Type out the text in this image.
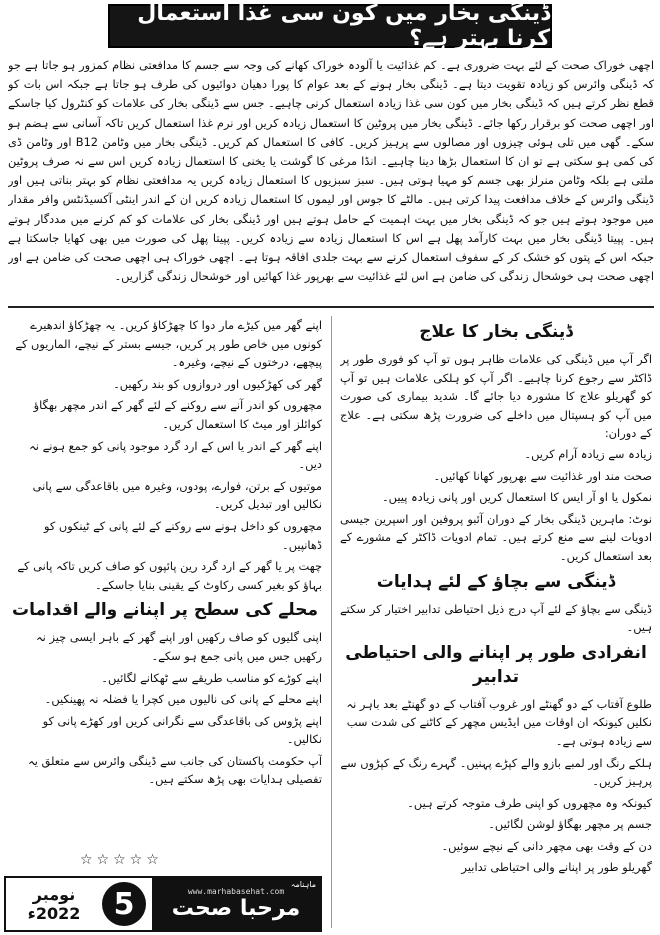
ڈینگی بخار میں کون سی غذا استعمال کرنا بہتر ہے؟

اچھی خوراک صحت کے لئے بہت ضروری ہے۔ کم غذائیت یا آلودہ خوراک کھانے کی وجہ سے جسم کا مدافعتی نظام کمزور ہو جاتا ہے جو کہ ڈینگی وائرس کو زیادہ تقویت دیتا ہے۔ ڈینگی بخار ہونے کے بعد عوام کا پورا دھیان دوائیوں کی طرف ہو جاتا ہے جبکہ اس بات کو قطع نظر کرتے ہیں کہ ڈینگی بخار میں کون سی غذا زیادہ استعمال کرنی چاہیے۔ جس سے ڈینگی بخار کی علامات کو کنٹرول کیا جاسکے اور اچھی صحت کو برقرار رکھا جائے۔ ڈینگی بخار میں پروٹین کا استعمال زیادہ کریں اور نرم غذا استعمال کریں تاکہ آسانی سے ہضم ہو سکے۔ گھی میں تلی ہوئی چیزوں اور مصالوں سے پرہیز کریں۔ کافی کا استعمال کم کریں۔ ڈینگی بخار میں وٹامن B12 اور وٹامن ڈی کی کمی ہو سکتی ہے تو ان کا استعمال بڑھا دینا چاہیے۔ انڈا مرغی کا گوشت یا یخنی کا استعمال زیادہ کریں اس سے نہ صرف پروٹین ملتی ہے بلکہ وٹامن منرلز بھی جسم کو مہیا ہوتی ہیں۔ سبز سبزیوں کا استعمال زیادہ کریں یہ مدافعتی نظام کو بہتر بناتی ہیں اور ڈینگی وائرس کے خلاف مدافعت پیدا کرتی ہیں۔ مالٹے کا جوس اور لیموں کا استعمال زیادہ کریں ان کے اندر اینٹی آکسیڈنٹس وافر مقدار میں موجود ہوتے ہیں جو کہ ڈینگی بخار میں بہت اہمیت کے حامل ہوتے ہیں اور ڈینگی بخار کی علامات کو کم کرنے میں مددگار ہوتے ہیں۔ پپیتا ڈینگی بخار میں بہت کارآمد پھل ہے اس کا استعمال زیادہ سے زیادہ کریں۔ پپیتا پھل کی صورت میں بھی کھایا جاسکتا ہے جبکہ اس کے پتوں کو خشک کر کے سفوف استعمال کرنے سے بہت جلدی افاقہ ہوتا ہے۔ اچھی خوراک ہی اچھی صحت کی ضامن ہے اور اچھی صحت ہی خوشحال زندگی کی ضامن ہے اس لئے غذائیت سے بھرپور غذا کھائیں اور خوشحال زندگی گزاریں۔

ڈینگی بخار کا علاج

اگر آپ میں ڈینگی کی علامات ظاہر ہوں تو آپ کو فوری طور پر ڈاکٹر سے رجوع کرنا چاہیے۔ اگر آپ کو ہلکی علامات ہیں تو آپ کو گھریلو علاج کا مشورہ دیا جائے گا۔ شدید بیماری کی صورت میں آپ کو ہسپتال میں داخلے کی ضرورت پڑھ سکتی ہے۔ علاج کے دوران:

زیادہ سے زیادہ آرام کریں۔
صحت مند اور غذائیت سے بھرپور کھانا کھائیں۔
نمکول یا او آر ایس کا استعمال کریں اور پانی زیادہ پییں۔

نوٹ: ماہرین ڈینگی بخار کے دوران آئبو پروفین اور اسپرین جیسی ادویات لینے سے منع کرتے ہیں۔ تمام ادویات ڈاکٹر کے مشورے کے بعد استعمال کریں۔

ڈینگی سے بچاؤ کے لئے ہدایات

ڈینگی سے بچاؤ کے لئے آپ درج ذیل احتیاطی تدابیر اختیار کر سکتے ہیں۔

انفرادی طور پر اپنانے والی احتیاطی تدابیر
طلوع آفتاب کے دو گھنٹے اور غروب آفتاب کے دو گھنٹے بعد باہر نہ نکلیں کیونکہ ان اوقات میں ایڈیس مچھر کے کاٹنے کی شدت سب سے زیادہ ہوتی ہے۔
ہلکے رنگ اور لمبے بازو والے کپڑے پہنیں۔ گہرے رنگ کے کپڑوں سے پرہیز کریں۔
کیونکہ وہ مچھروں کو اپنی طرف متوجہ کرتے ہیں۔
جسم پر مچھر بھگاؤ لوشن لگائیں۔
دن کے وقت بھی مچھر دانی کے نیچے سوئیں۔
گھریلو طور پر اپنانے والی احتیاطی تدابیر
اپنے گھر میں کیڑے مار دوا کا چھڑکاؤ کریں۔ یہ چھڑکاؤ اندھیرے کونوں میں خاص طور پر کریں، جیسے بستر کے نیچے، الماریوں کے پیچھے، درختوں کے نیچے، وغیرہ۔
گھر کی کھڑکیوں اور دروازوں کو بند رکھیں۔
مچھروں کو اندر آنے سے روکنے کے لئے گھر کے اندر مچھر بھگاؤ کوائلز اور میٹ کا استعمال کریں۔
اپنے گھر کے اندر یا اس کے ارد گرد موجود پانی کو جمع ہونے نہ دیں۔
موتیوں کے برتن، فوارے، پودوں، وغیرہ میں باقاعدگی سے پانی نکالیں اور تبدیل کریں۔
مچھروں کو داخل ہونے سے روکنے کے لئے پانی کے ٹینکوں کو ڈھانپیں۔
چھت پر یا گھر کے ارد گرد رین پائپوں کو صاف کریں تاکہ پانی کے بہاؤ کو بغیر کسی رکاوٹ کے یقینی بنایا جاسکے۔
محلے کی سطح پر اپنانے والے اقدامات
اپنی گلیوں کو صاف رکھیں اور اپنے گھر کے باہر ایسی چیز نہ رکھیں جس میں پانی جمع ہو سکے۔
اپنے کوڑے کو مناسب طریقے سے ٹھکانے لگائیں۔
اپنے محلے کے پانی کی نالیوں میں کچرا یا فضلہ نہ پھینکیں۔
اپنے پڑوس کی باقاعدگی سے نگرانی کریں اور کھڑے پانی کو نکالیں۔
آپ حکومت پاکستان کی جانب سے ڈینگی وائرس سے متعلق یہ تفصیلی ہدایات بھی پڑھ سکتے ہیں۔
☆☆☆☆☆
نومبر 2022ء	5
ماہنامہ
www.marhabasehat.com
مرحبا صحت
